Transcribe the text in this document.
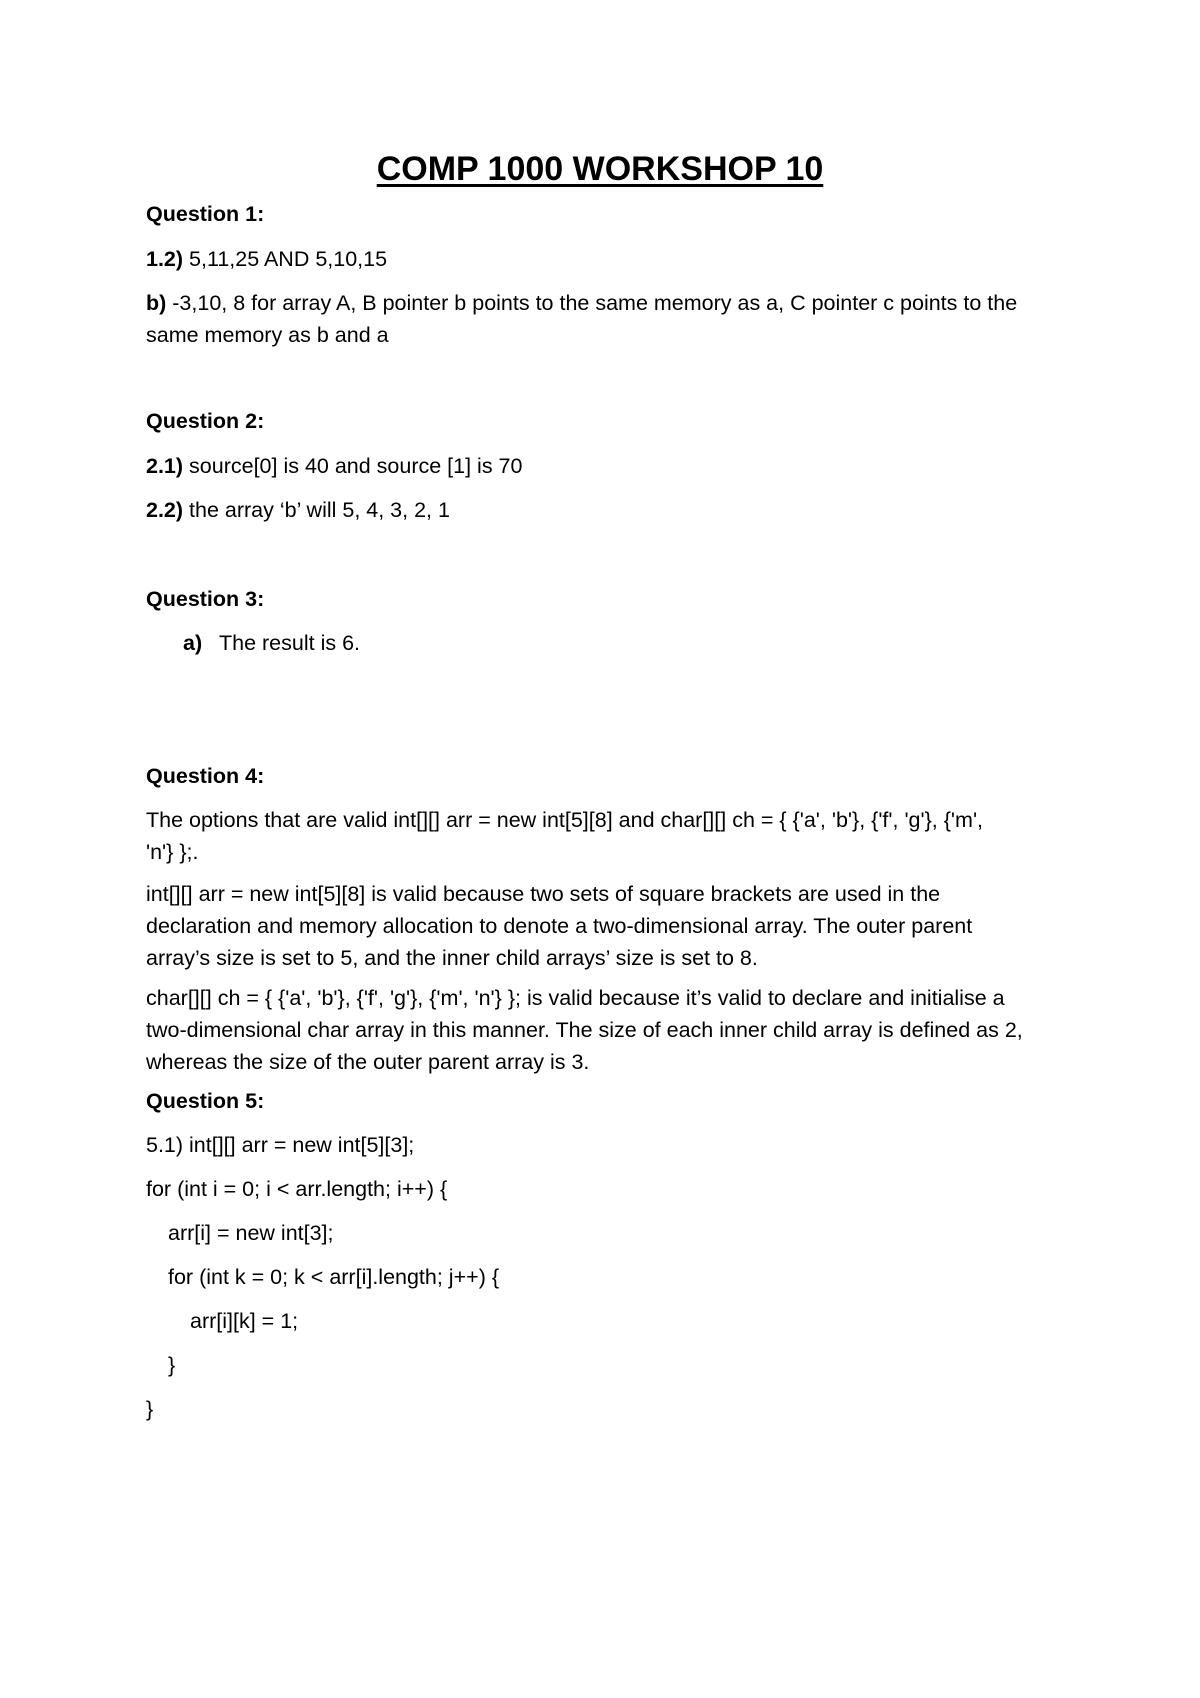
COMP 1000 WORKSHOP 10
Question 1:
1.2) 5,11,25 AND 5,10,15
b) -3,10, 8 for array A, B pointer b points to the same memory as a, C pointer c points to the
same memory as b and a
Question 2:
2.1) source[0] is 40 and source [1] is 70
2.2) the array ‘b’ will 5, 4, 3, 2, 1
Question 3:
a) The result is 6.
Question 4:
The options that are valid int[][] arr = new int[5][8] and char[][] ch = { {'a', 'b'}, {'f', 'g'}, {'m',
'n'} };.
int[][] arr = new int[5][8] is valid because two sets of square brackets are used in the
declaration and memory allocation to denote a two-dimensional array. The outer parent
array’s size is set to 5, and the inner child arrays’ size is set to 8.
char[][] ch = { {'a', 'b'}, {'f', 'g'}, {'m', 'n'} }; is valid because it’s valid to declare and initialise a
two-dimensional char array in this manner. The size of each inner child array is defined as 2,
whereas the size of the outer parent array is 3.
Question 5:
5.1) int[][] arr = new int[5][3];
for (int i = 0; i < arr.length; i++) {
arr[i] = new int[3];
for (int k = 0; k < arr[i].length; j++) {
arr[i][k] = 1;
}
}
